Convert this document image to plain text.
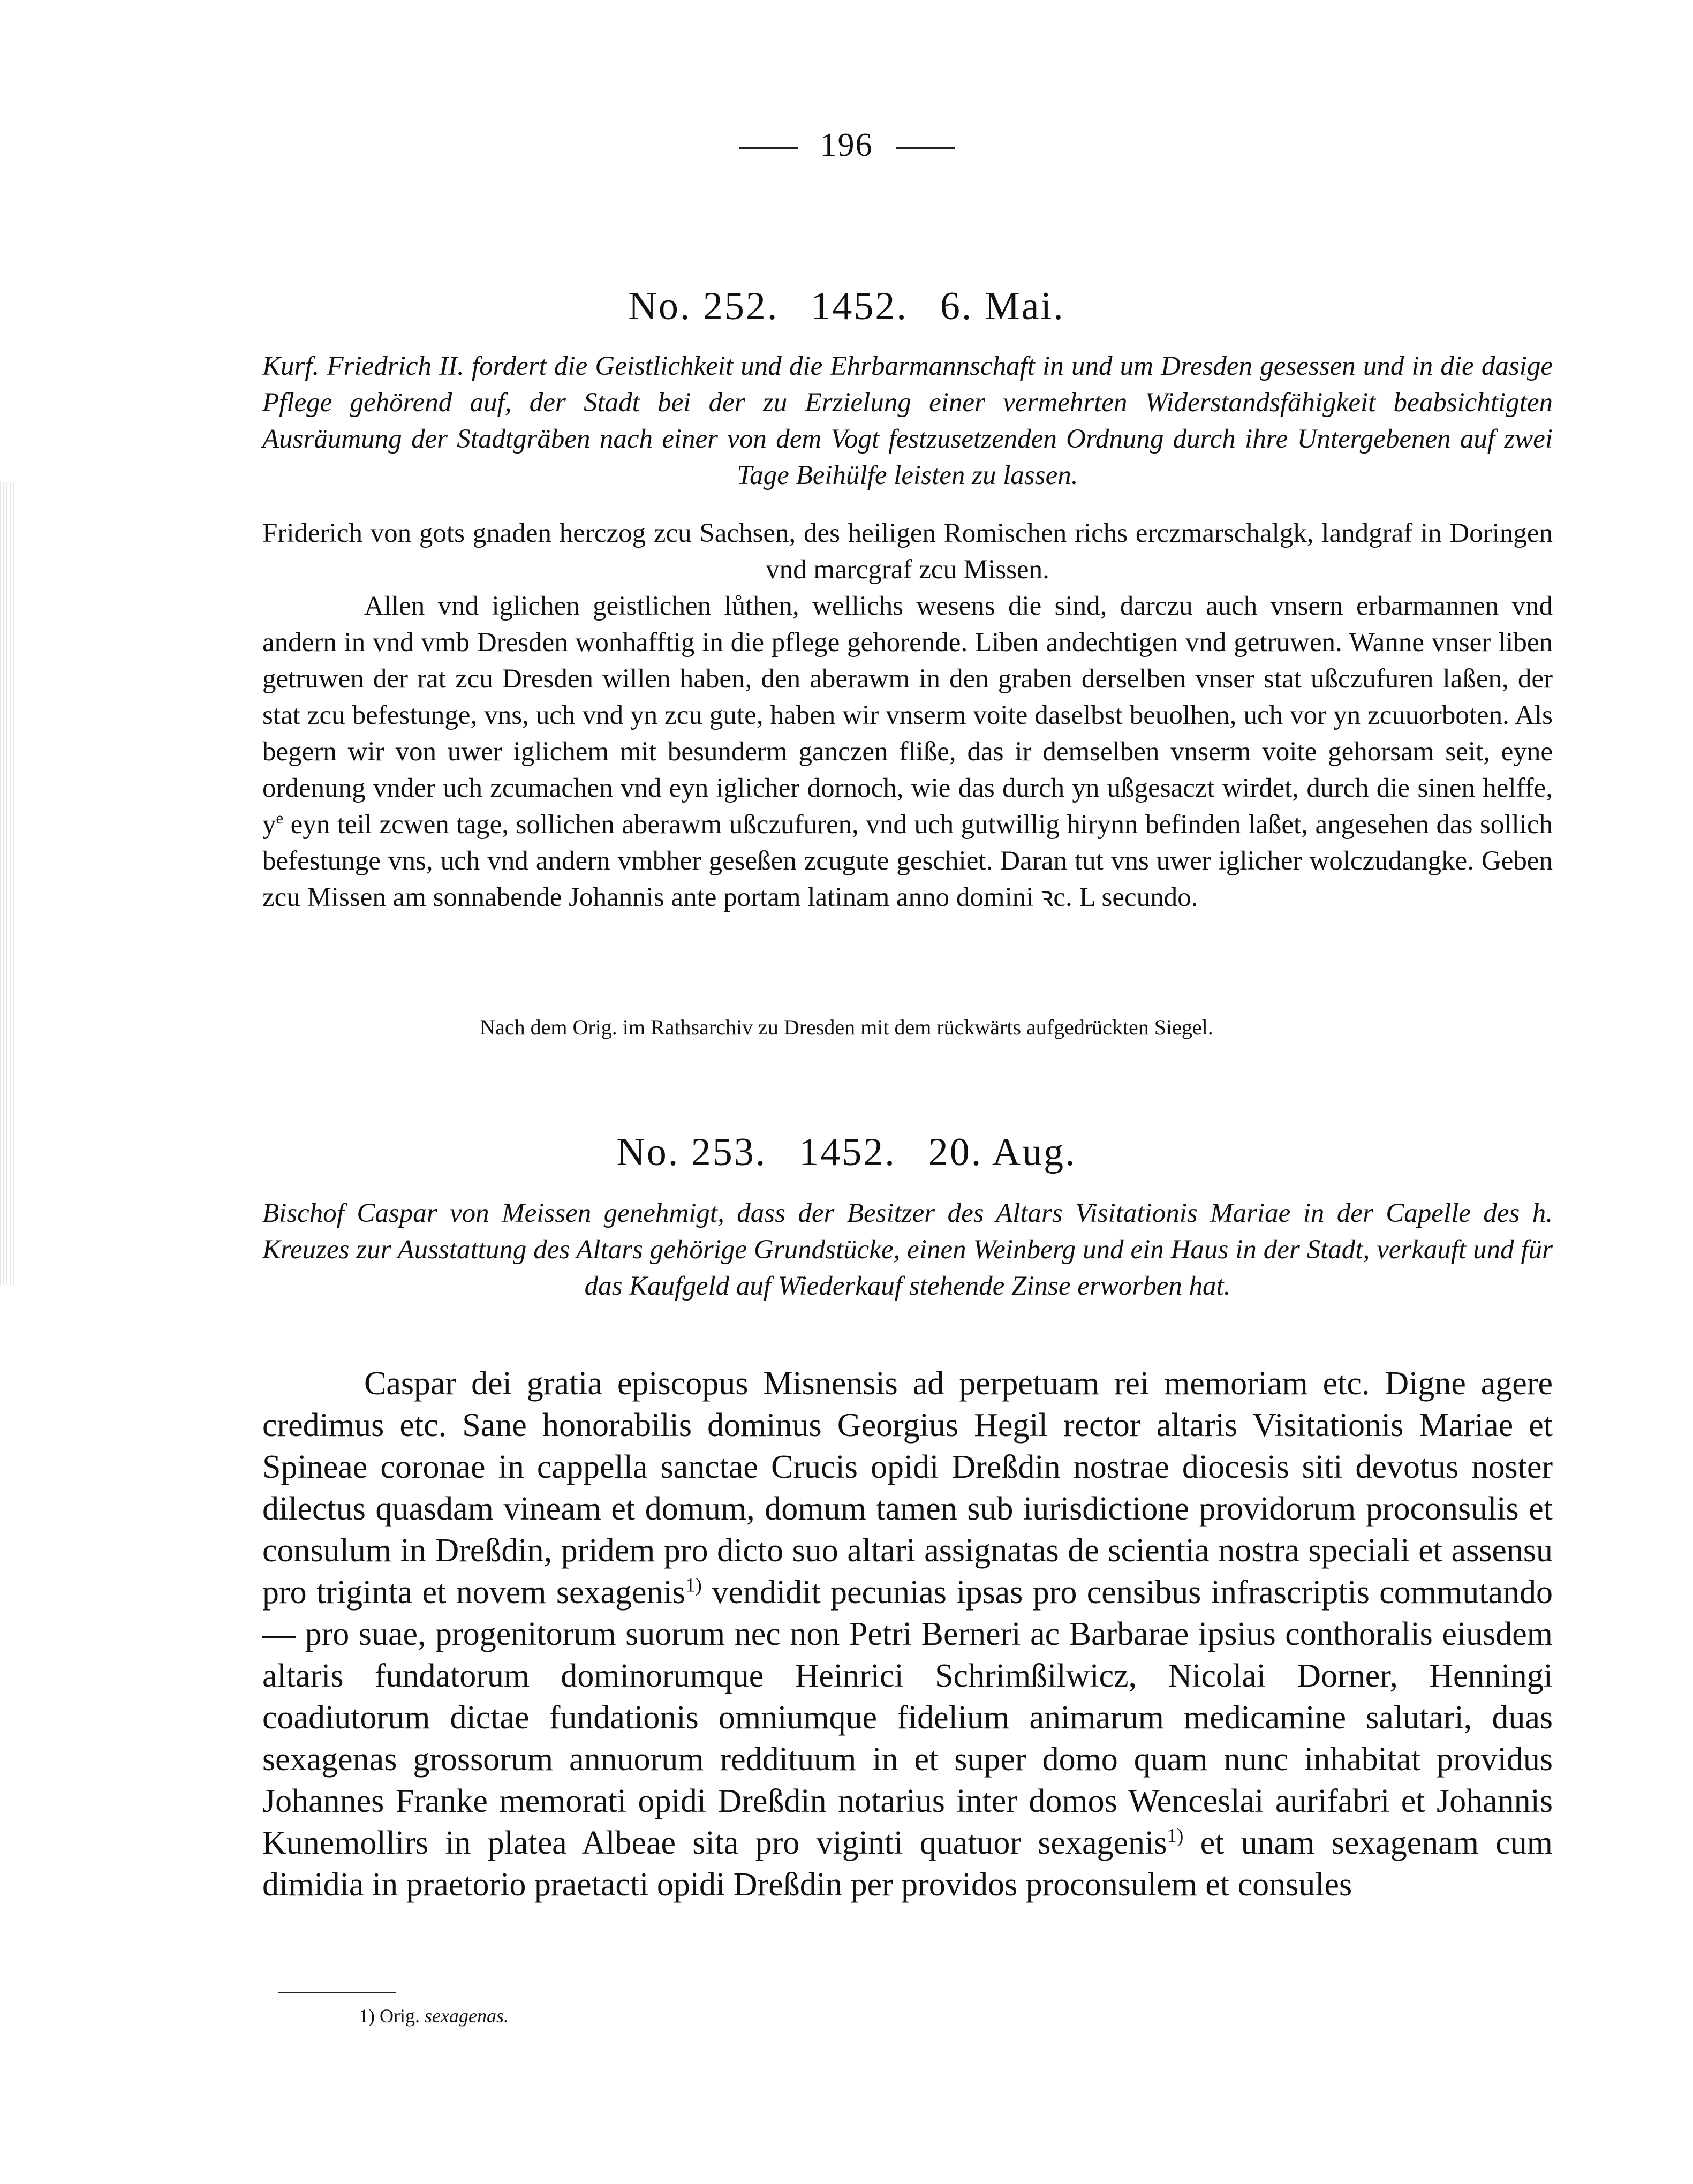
196
No. 252. 1452. 6. Mai.
Kurf. Friedrich II. fordert die Geistlichkeit und die Ehrbarmannschaft in und um Dresden gesessen und in die dasige Pflege gehörend auf, der Stadt bei der zu Erzielung einer vermehrten Widerstandsfähigkeit beabsichtigten Ausräumung der Stadtgräben nach einer von dem Vogt festzusetzenden Ordnung durch ihre Untergebenen auf zwei Tage Beihülfe leisten zu lassen.

Friderich von gots gnaden herczog zcu Sachsen, des heiligen Romischen richs erczmarschalgk, landgraf in Doringen vnd marcgraf zcu Missen.

Allen vnd iglichen geistlichen lůthen, wellichs wesens die sind, darczu auch vnsern erbarmannen vnd andern in vnd vmb Dresden wonhafftig in die pflege gehorende. Liben andechtigen vnd getruwen. Wanne vnser liben getruwen der rat zcu Dresden willen haben, den aberawm in den graben derselben vnser stat ußczufuren laßen, der stat zcu befestunge, vns, uch vnd yn zcu gute, haben wir vnserm voite daselbst beuolhen, uch vor yn zcuuorboten. Als begern wir von uwer iglichem mit besunderm ganczen fliße, das ir demselben vnserm voite gehorsam seit, eyne ordenung vnder uch zcumachen vnd eyn iglicher dornoch, wie das durch yn ußgesaczt wirdet, durch die sinen helffe, $y^e$ eyn teil zcwen tage, sollichen aberawm ußczufuren, vnd uch gutwillig hirynn befinden laßet, angesehen das sollich befestunge vns, uch vnd andern vmbher geseßen zcugute geschiet. Daran tut vns uwer iglicher wolczudangke. Geben zcu Missen am sonnabende Johannis ante portam latinam anno domini ꝛc. L secundo.

Nach dem Orig. im Rathsarchiv zu Dresden mit dem rückwärts aufgedrückten Siegel.
No. 253. 1452. 20. Aug.
Bischof Caspar von Meissen genehmigt, dass der Besitzer des Altars Visitationis Mariae in der Capelle des h. Kreuzes zur Ausstattung des Altars gehörige Grundstücke, einen Weinberg und ein Haus in der Stadt, verkauft und für das Kaufgeld auf Wiederkauf stehende Zinse erworben hat.

Caspar dei gratia episcopus Misnensis ad perpetuam rei memoriam etc. Digne agere credimus etc. Sane honorabilis dominus Georgius Hegil rector altaris Visitationis Mariae et Spineae coronae in cappella sanctae Crucis opidi Dreßdin nostrae diocesis siti devotus noster dilectus quasdam vineam et domum, domum tamen sub iurisdictione providorum proconsulis et consulum in Dreßdin, pridem pro dicto suo altari assignatas de scientia nostra speciali et assensu pro triginta et novem sexagenis$^{1)}$ vendidit pecunias ipsas pro censibus infrascriptis commutando — pro suae, progenitorum suorum nec non Petri Berneri ac Barbarae ipsius conthoralis eiusdem altaris fundatorum dominorumque Heinrici Schrimßilwicz, Nicolai Dorner, Henningi coadiutorum dictae fundationis omniumque fidelium animarum medicamine salutari, duas sexagenas grossorum annuorum reddituum in et super domo quam nunc inhabitat providus Johannes Franke memorati opidi Dreßdin notarius inter domos Wenceslai aurifabri et Johannis Kunemollirs in platea Albeae sita pro viginti quatuor sexagenis$^{1)}$ et unam sexagenam cum dimidia in praetorio praetacti opidi Dreßdin per providos proconsulem et consules

1) Orig. sexagenas.
